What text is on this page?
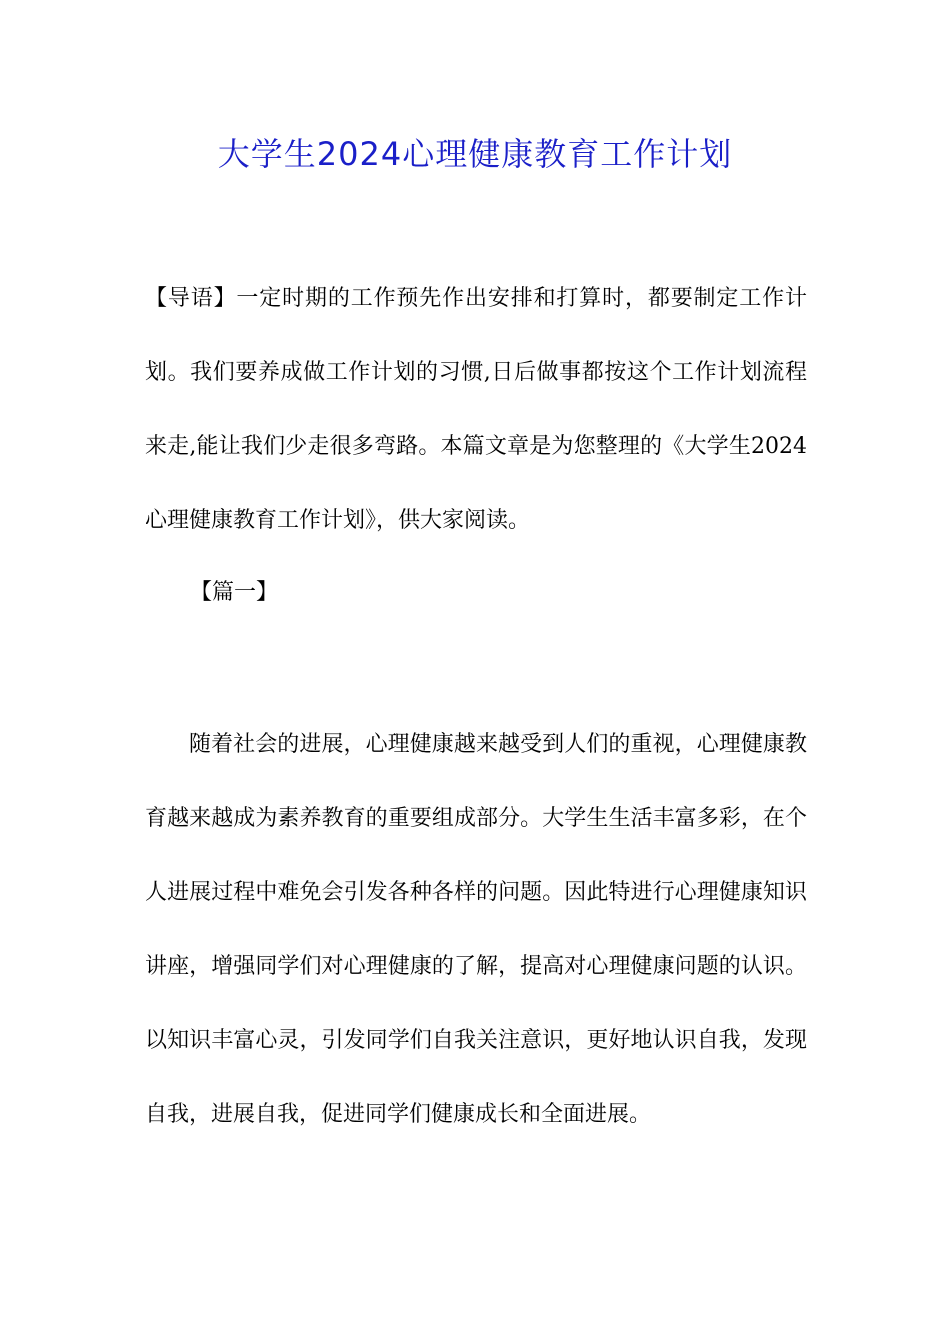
大学生2024心理健康教育工作计划
【导语】一定时期的工作预先作出安排和打算时，都要制定工作计划。我们要养成做工作计划的习惯,日后做事都按这个工作计划流程来走,能让我们少走很多弯路。本篇文章是为您整理的《大学生2024心理健康教育工作计划》，供大家阅读。
【篇一】
随着社会的进展，心理健康越来越受到人们的重视，心理健康教育越来越成为素养教育的重要组成部分。大学生生活丰富多彩，在个人进展过程中难免会引发各种各样的问题。因此特进行心理健康知识讲座，增强同学们对心理健康的了解，提高对心理健康问题的认识。以知识丰富心灵，引发同学们自我关注意识，更好地认识自我，发现自我，进展自我，促进同学们健康成长和全面进展。
